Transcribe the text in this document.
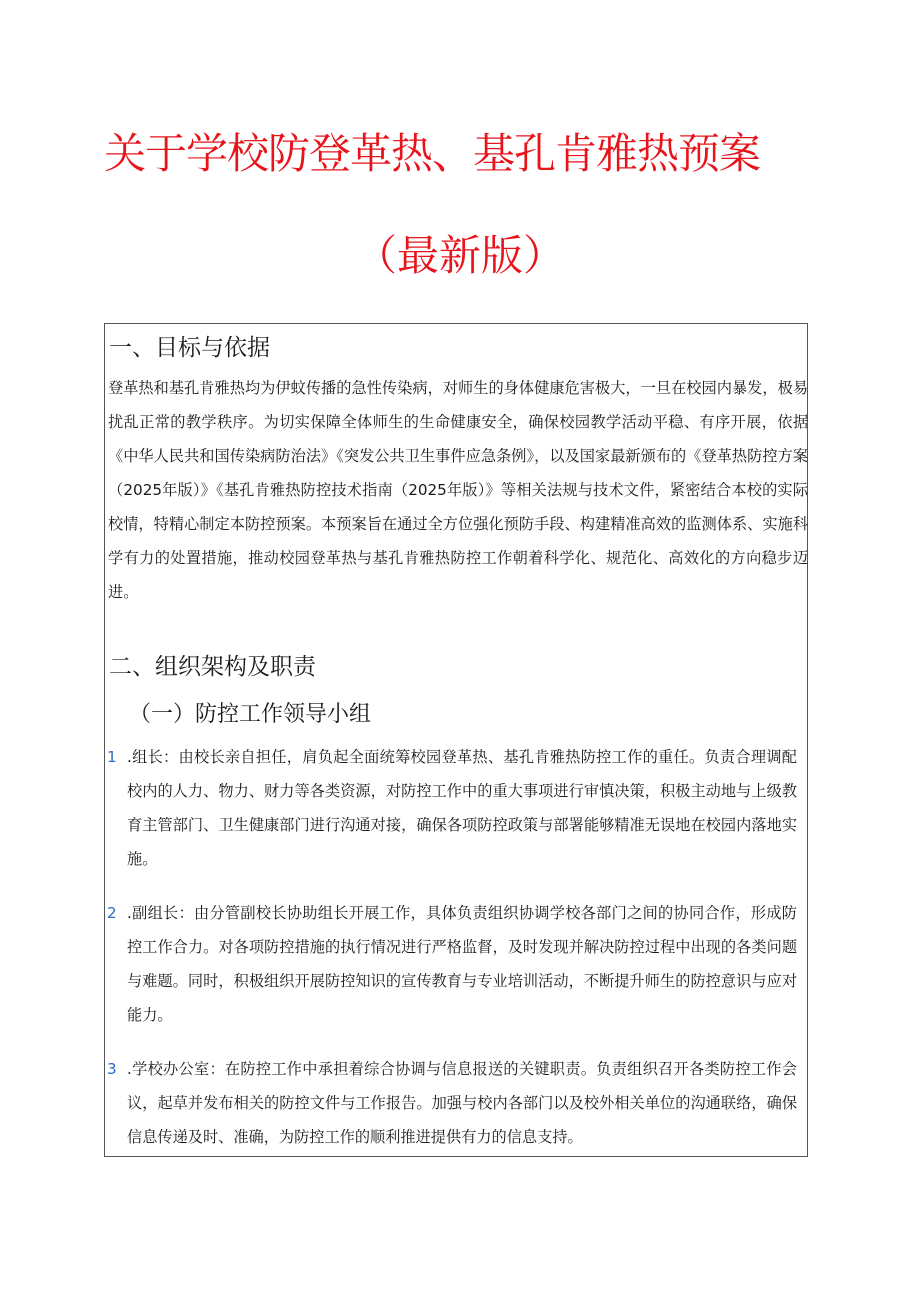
关于学校防登革热、基孔肯雅热预案
（最新版）
一、目标与依据

登革热和基孔肯雅热均为伊蚊传播的急性传染病，对师生的身体健康危害极大，一旦在校园内暴发，极易扰乱正常的教学秩序。为切实保障全体师生的生命健康安全，确保校园教学活动平稳、有序开展，依据《中华人民共和国传染病防治法》《突发公共卫生事件应急条例》，以及国家最新颁布的《登革热防控方案（2025年版）》《基孔肯雅热防控技术指南（2025年版）》等相关法规与技术文件，紧密结合本校的实际校情，特精心制定本防控预案。本预案旨在通过全方位强化预防手段、构建精准高效的监测体系、实施科学有力的处置措施，推动校园登革热与基孔肯雅热防控工作朝着科学化、规范化、高效化的方向稳步迈进。

二、组织架构及职责
（一）防控工作领导小组
1 .组长：由校长亲自担任，肩负起全面统筹校园登革热、基孔肯雅热防控工作的重任。负责合理调配校内的人力、物力、财力等各类资源，对防控工作中的重大事项进行审慎决策，积极主动地与上级教育主管部门、卫生健康部门进行沟通对接，确保各项防控政策与部署能够精准无误地在校园内落地实施。

2 .副组长：由分管副校长协助组长开展工作，具体负责组织协调学校各部门之间的协同合作，形成防控工作合力。对各项防控措施的执行情况进行严格监督，及时发现并解决防控过程中出现的各类问题与难题。同时，积极组织开展防控知识的宣传教育与专业培训活动，不断提升师生的防控意识与应对能力。

3 .学校办公室：在防控工作中承担着综合协调与信息报送的关键职责。负责组织召开各类防控工作会议，起草并发布相关的防控文件与工作报告。加强与校内各部门以及校外相关单位的沟通联络，确保信息传递及时、准确，为防控工作的顺利推进提供有力的信息支持。
